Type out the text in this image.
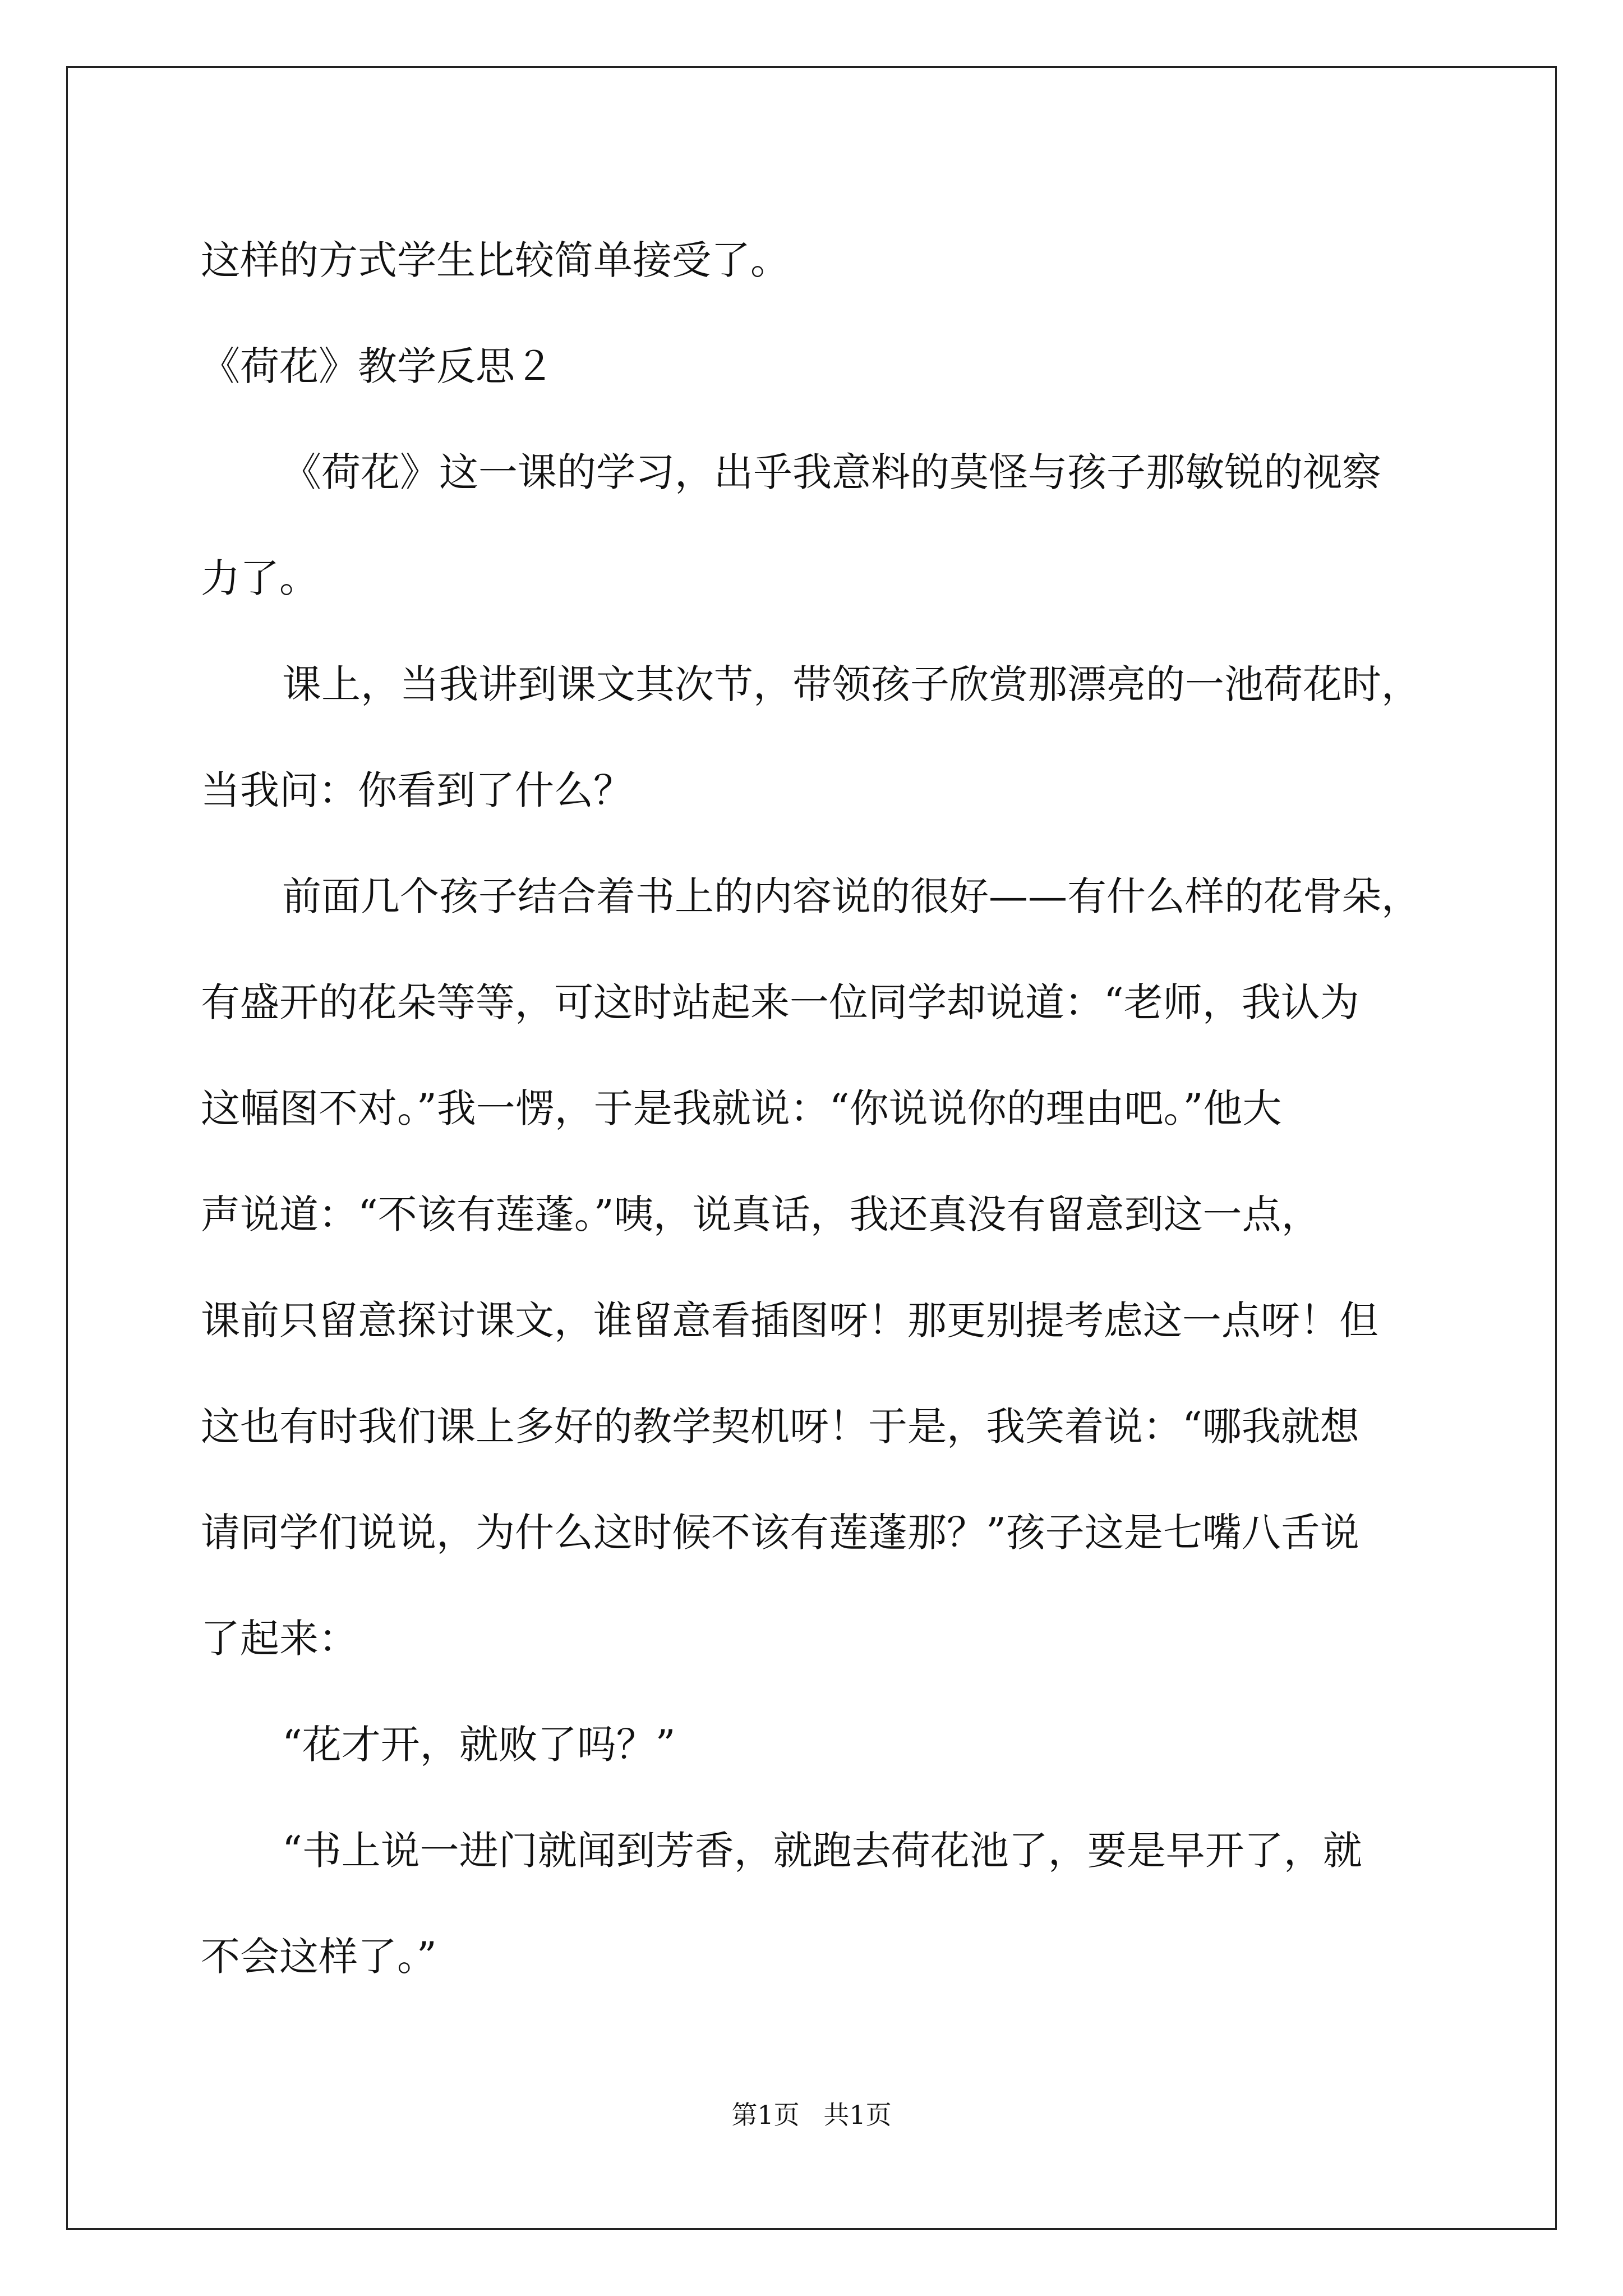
这样的方式学生比较简单接受了。
《荷花》教学反思２
《荷花》这一课的学习，出乎我意料的莫怪与孩子那敏锐的视察
力了。
课上，当我讲到课文其次节，带领孩子欣赏那漂亮的一池荷花时，
当我问：你看到了什么？
前面几个孩子结合着书上的内容说的很好——有什么样的花骨朵，
有盛开的花朵等等，可这时站起来一位同学却说道：“老师，我认为
这幅图不对。”我一愣，于是我就说：“你说说你的理由吧。”他大
声说道：“不该有莲蓬。”咦，说真话，我还真没有留意到这一点，
课前只留意探讨课文，谁留意看插图呀！那更别提考虑这一点呀！但
这也有时我们课上多好的教学契机呀！于是，我笑着说：“哪我就想
请同学们说说，为什么这时候不该有莲蓬那？”孩子这是七嘴八舌说
了起来：
“花才开，就败了吗？”
“书上说一进门就闻到芳香，就跑去荷花池了，要是早开了，就
不会这样了。”
第1页 共1页
